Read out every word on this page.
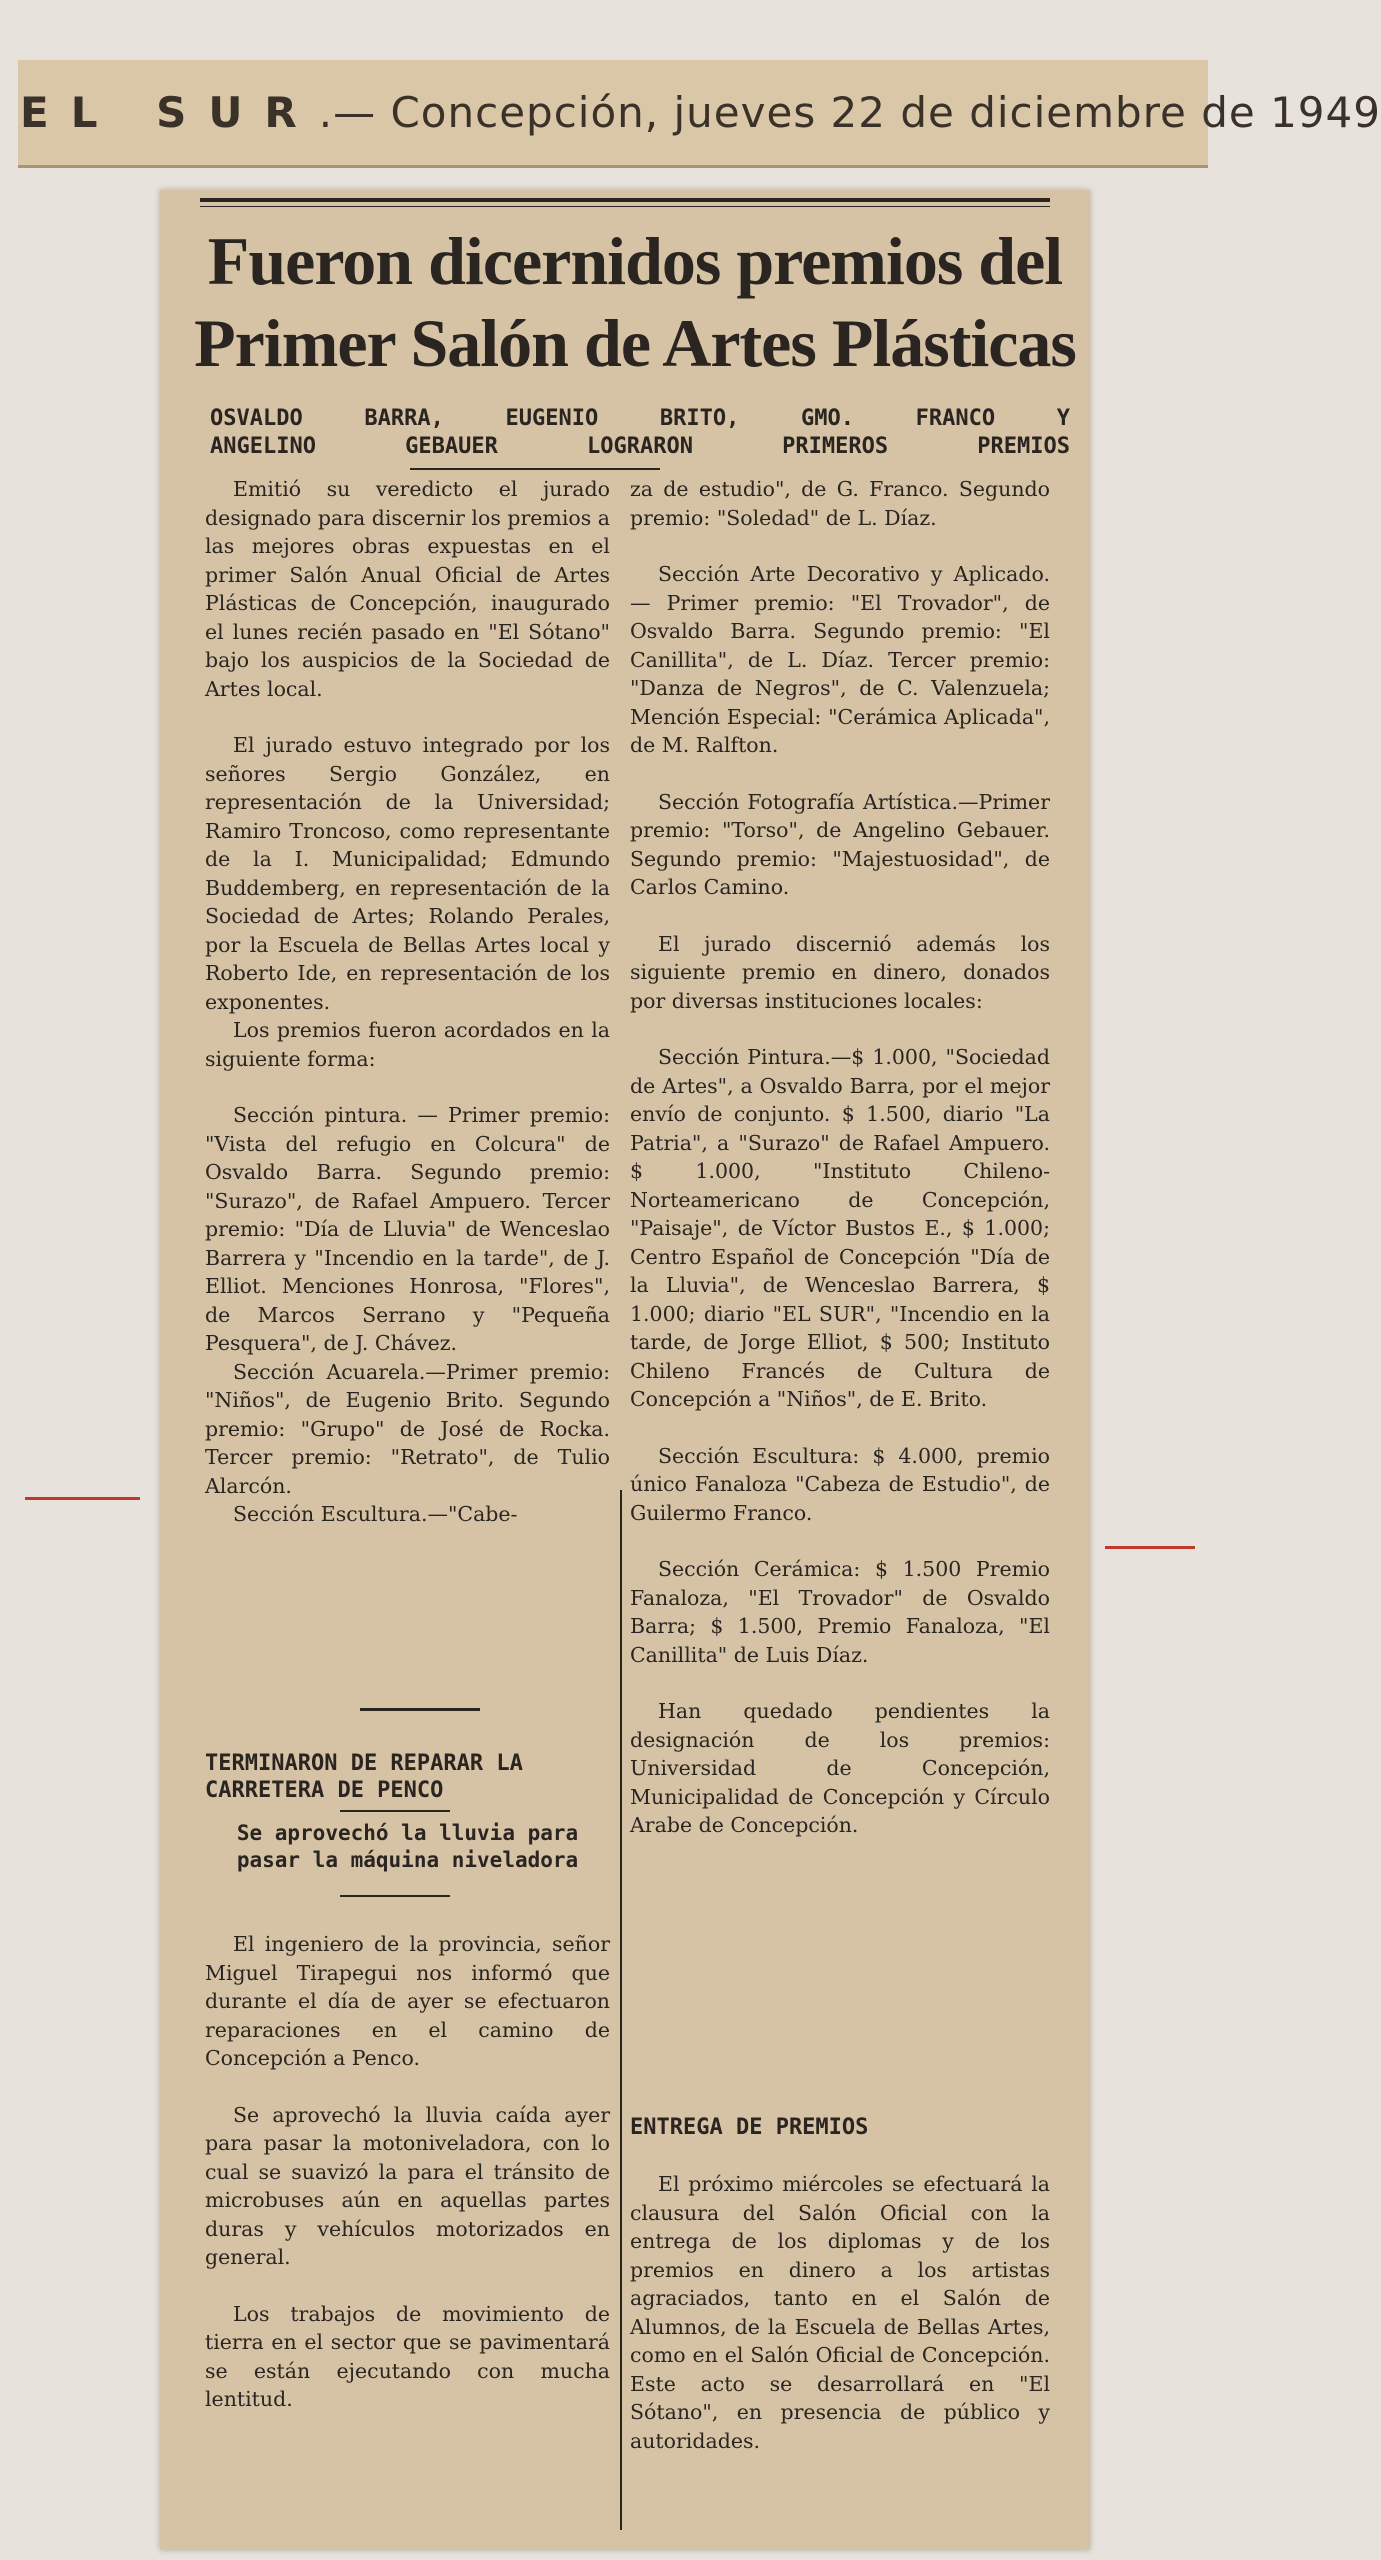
EL SUR.— Concepción, jueves 22 de diciembre de 1949
Fueron dicernidos premios del
Primer Salón de Artes Plásticas
OSVALDO BARRA, EUGENIO BRITO, GMO. FRANCO Y
ANGELINO GEBAUER LOGRARON PRIMEROS PREMIOS

Emitió su veredicto el jurado designado para discernir los premios a las mejores obras expuestas en el primer Salón Anual Oficial de Artes Plásticas de Concepción, inaugurado el lunes recién pasado en "El Sótano" bajo los auspicios de la Sociedad de Artes local.

El jurado estuvo integrado por los señores Sergio González, en representación de la Universidad; Ramiro Troncoso, como representante de la I. Municipalidad; Edmundo Buddemberg, en representación de la Sociedad de Artes; Rolando Perales, por la Escuela de Bellas Artes local y Roberto Ide, en representación de los exponentes.

Los premios fueron acordados en la siguiente forma:

Sección pintura. — Primer premio: "Vista del refugio en Colcura" de Osvaldo Barra. Segundo premio: "Surazo", de Rafael Ampuero. Tercer premio: "Día de Lluvia" de Wenceslao Barrera y "Incendio en la tarde", de J. Elliot. Menciones Honrosa, "Flores", de Marcos Serrano y "Pequeña Pesquera", de J. Chávez.

Sección Acuarela.—Primer premio: "Niños", de Eugenio Brito. Segundo premio: "Grupo" de José de Rocka. Tercer premio: "Retrato", de Tulio Alarcón.

Sección Escultura.—"Cabe-

za de estudio", de G. Franco. Segundo premio: "Soledad" de L. Díaz.

Sección Arte Decorativo y Aplicado.— Primer premio: "El Trovador", de Osvaldo Barra. Segundo premio: "El Canillita", de L. Díaz. Tercer premio: "Danza de Negros", de C. Valenzuela; Mención Especial: "Cerámica Aplicada", de M. Ralfton.

Sección Fotografía Artística.—Primer premio: "Torso", de Angelino Gebauer. Segundo premio: "Majestuosidad", de Carlos Camino.

El jurado discernió además los siguiente premio en dinero, donados por diversas instituciones locales:

Sección Pintura.—$ 1.000, "Sociedad de Artes", a Osvaldo Barra, por el mejor envío de conjunto. $ 1.500, diario "La Patria", a "Surazo" de Rafael Ampuero. $ 1.000, "Instituto Chileno-Norteamericano de Concepción, "Paisaje", de Víctor Bustos E., $ 1.000; Centro Español de Concepción "Día de la Lluvia", de Wenceslao Barrera, $ 1.000; diario "EL SUR", "Incendio en la tarde, de Jorge Elliot, $ 500; Instituto Chileno Francés de Cultura de Concepción a "Niños", de E. Brito.

Sección Escultura: $ 4.000, premio único Fanaloza "Cabeza de Estudio", de Guilermo Franco.

Sección Cerámica: $ 1.500 Premio Fanaloza, "El Trovador" de Osvaldo Barra; $ 1.500, Premio Fanaloza, "El Canillita" de Luis Díaz.

Han quedado pendientes la designación de los premios: Universidad de Concepción, Municipalidad de Concepción y Círculo Arabe de Concepción.

TERMINARON DE REPARAR LA CARRETERA DE PENCO
Se aprovechó la lluvia para pasar la máquina niveladora

El ingeniero de la provincia, señor Miguel Tirapegui nos informó que durante el día de ayer se efectuaron reparaciones en el camino de Concepción a Penco.

Se aprovechó la lluvia caída ayer para pasar la motoniveladora, con lo cual se suavizó la para el tránsito de microbuses aún en aquellas partes duras y vehículos motorizados en general.

Los trabajos de movimiento de tierra en el sector que se pavimentará se están ejecutando con mucha lentitud.

ENTREGA DE PREMIOS

El próximo miércoles se efectuará la clausura del Salón Oficial con la entrega de los diplomas y de los premios en dinero a los artistas agraciados, tanto en el Salón de Alumnos, de la Escuela de Bellas Artes, como en el Salón Oficial de Concepción. Este acto se desarrollará en "El Sótano", en presencia de público y autoridades.
